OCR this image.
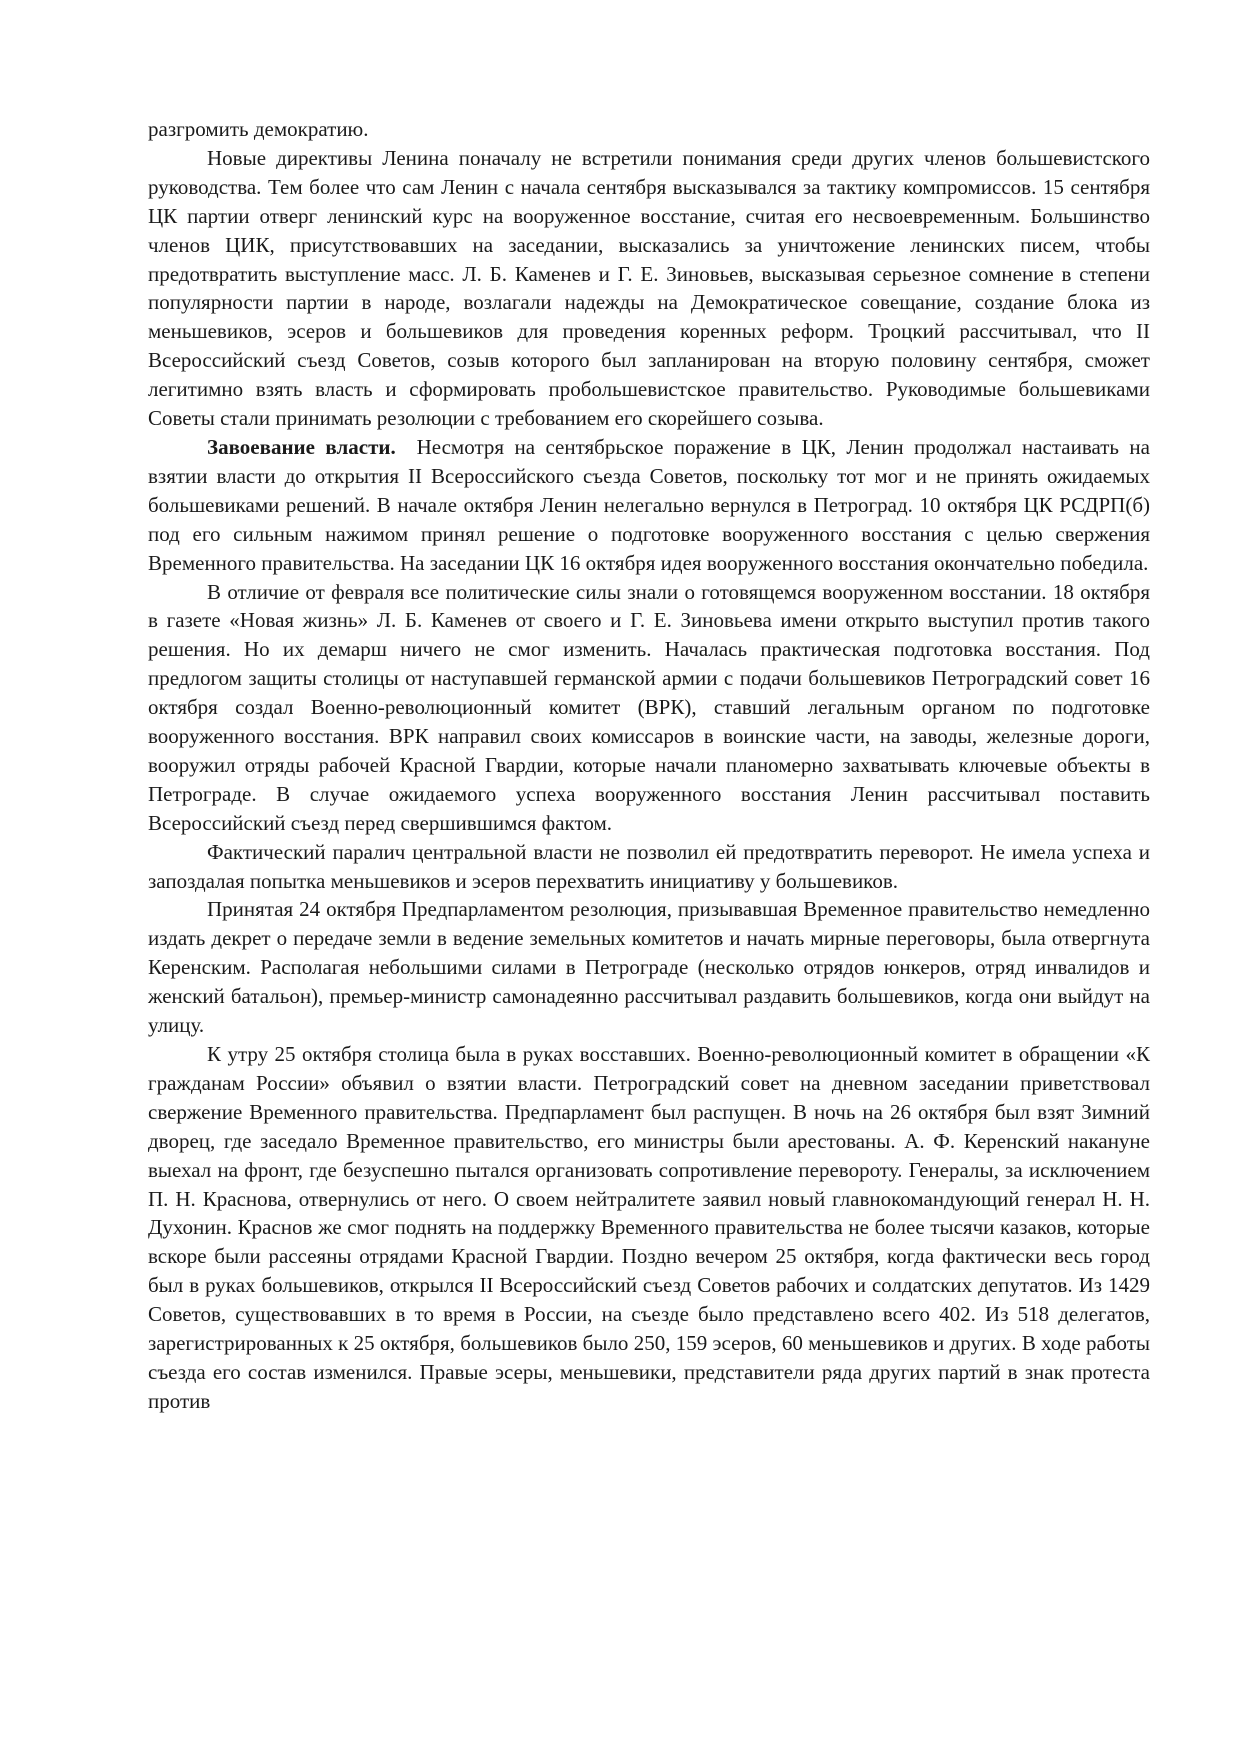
разгромить демократию.

Новые директивы Ленина поначалу не встретили понимания среди других членов большевистского руководства. Тем более что сам Ленин с начала сентября высказывался за тактику компромиссов. 15 сентября ЦК партии отверг ленинский курс на вооруженное восстание, считая его несвоевременным. Большинство членов ЦИК, присутствовавших на заседании, высказались за уничтожение ленинских писем, чтобы предотвратить выступление масс. Л. Б. Каменев и Г. Е. Зиновьев, высказывая серьезное сомнение в степени популярности партии в народе, возлагали надежды на Демократическое совещание, создание блока из меньшевиков, эсеров и большевиков для проведения коренных реформ. Троцкий рассчитывал, что II Всероссийский съезд Советов, созыв которого был запланирован на вторую половину сентября, сможет легитимно взять власть и сформировать пробольшевистское правительство. Руководимые большевиками Советы стали принимать резолюции с требованием его скорейшего созыва.

Завоевание власти.  Несмотря на сентябрьское поражение в ЦК, Ленин продолжал настаивать на взятии власти до открытия II Всероссийского съезда Советов, поскольку тот мог и не принять ожидаемых большевиками решений. В начале октября Ленин нелегально вернулся в Петроград. 10 октября ЦК РСДРП(б) под его сильным нажимом принял решение о подготовке вооруженного восстания с целью свержения Временного правительства. На заседании ЦК 16 октября идея вооруженного восстания окончательно победила.

В отличие от февраля все политические силы знали о готовящемся вооруженном восстании. 18 октября в газете «Новая жизнь» Л. Б. Каменев от своего и Г. Е. Зиновьева имени открыто выступил против такого решения. Но их демарш ничего не смог изменить. Началась практическая подготовка восстания. Под предлогом защиты столицы от наступавшей германской армии с подачи большевиков Петроградский совет 16 октября создал Военно-революционный комитет (ВРК), ставший легальным органом по подготовке вооруженного восстания. ВРК направил своих комиссаров в воинские части, на заводы, железные дороги, вооружил отряды рабочей Красной Гвардии, которые начали планомерно захватывать ключевые объекты в Петрограде. В случае ожидаемого успеха вооруженного восстания Ленин рассчитывал поставить Всероссийский съезд перед свершившимся фактом.

Фактический паралич центральной власти не позволил ей предотвратить переворот. Не имела успеха и запоздалая попытка меньшевиков и эсеров перехватить инициативу у большевиков.

Принятая 24 октября Предпарламентом резолюция, призывавшая Временное правительство немедленно издать декрет о передаче земли в ведение земельных комитетов и начать мирные переговоры, была отвергнута Керенским. Располагая небольшими силами в Петрограде (несколько отрядов юнкеров, отряд инвалидов и женский батальон), премьер-министр самонадеянно рассчитывал раздавить большевиков, когда они выйдут на улицу.

К утру 25 октября столица была в руках восставших. Военно-революционный комитет в обращении «К гражданам России» объявил о взятии власти. Петроградский совет на дневном заседании приветствовал свержение Временного правительства. Предпарламент был распущен. В ночь на 26 октября был взят Зимний дворец, где заседало Временное правительство, его министры были арестованы. А. Ф. Керенский накануне выехал на фронт, где безуспешно пытался организовать сопротивление перевороту. Генералы, за исключением П. Н. Краснова, отвернулись от него. О своем нейтралитете заявил новый главнокомандующий генерал Н. Н. Духонин. Краснов же смог поднять на поддержку Временного правительства не более тысячи казаков, которые вскоре были рассеяны отрядами Красной Гвардии. Поздно вечером 25 октября, когда фактически весь город был в руках большевиков, открылся II Всероссийский съезд Советов рабочих и солдатских депутатов. Из 1429 Советов, существовавших в то время в России, на съезде было представлено всего 402. Из 518 делегатов, зарегистрированных к 25 октября, большевиков было 250, 159 эсеров, 60 меньшевиков и других. В ходе работы съезда его состав изменился. Правые эсеры, меньшевики, представители ряда других партий в знак протеста против
